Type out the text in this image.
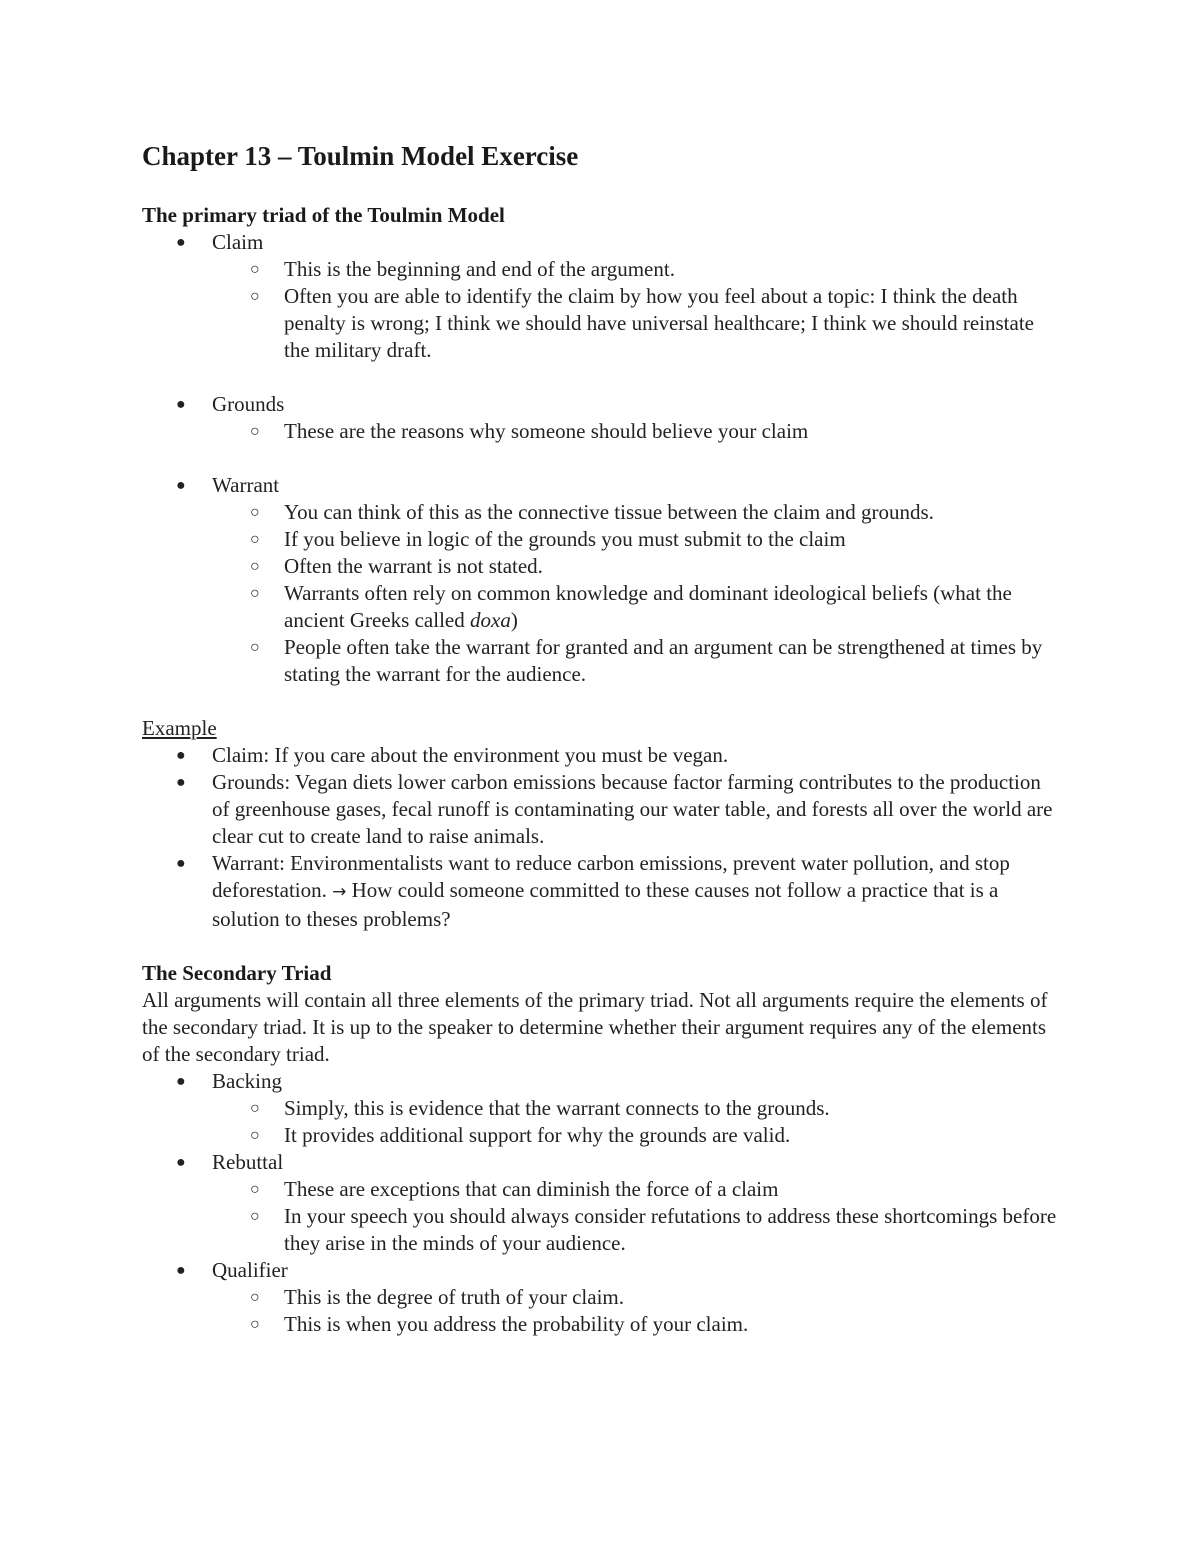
Chapter 13 – Toulmin Model Exercise

The primary triad of the Toulmin Model

● Claim
○ This is the beginning and end of the argument.
○ Often you are able to identify the claim by how you feel about a topic: I think the death penalty is wrong; I think we should have universal healthcare; I think we should reinstate the military draft.
● Grounds
○ These are the reasons why someone should believe your claim
● Warrant
○ You can think of this as the connective tissue between the claim and grounds.
○ If you believe in logic of the grounds you must submit to the claim
○ Often the warrant is not stated.
○ Warrants often rely on common knowledge and dominant ideological beliefs (what the ancient Greeks called doxa)
○ People often take the warrant for granted and an argument can be strengthened at times by stating the warrant for the audience.

Example

● Claim: If you care about the environment you must be vegan.
● Grounds: Vegan diets lower carbon emissions because factor farming contributes to the production of greenhouse gases, fecal runoff is contaminating our water table, and forests all over the world are clear cut to create land to raise animals.
● Warrant: Environmentalists want to reduce carbon emissions, prevent water pollution, and stop deforestation. → How could someone committed to these causes not follow a practice that is a solution to theses problems?

The Secondary Triad

All arguments will contain all three elements of the primary triad. Not all arguments require the elements of the secondary triad. It is up to the speaker to determine whether their argument requires any of the elements of the secondary triad.

● Backing
○ Simply, this is evidence that the warrant connects to the grounds.
○ It provides additional support for why the grounds are valid.
● Rebuttal
○ These are exceptions that can diminish the force of a claim
○ In your speech you should always consider refutations to address these shortcomings before they arise in the minds of your audience.
● Qualifier
○ This is the degree of truth of your claim.
○ This is when you address the probability of your claim.
